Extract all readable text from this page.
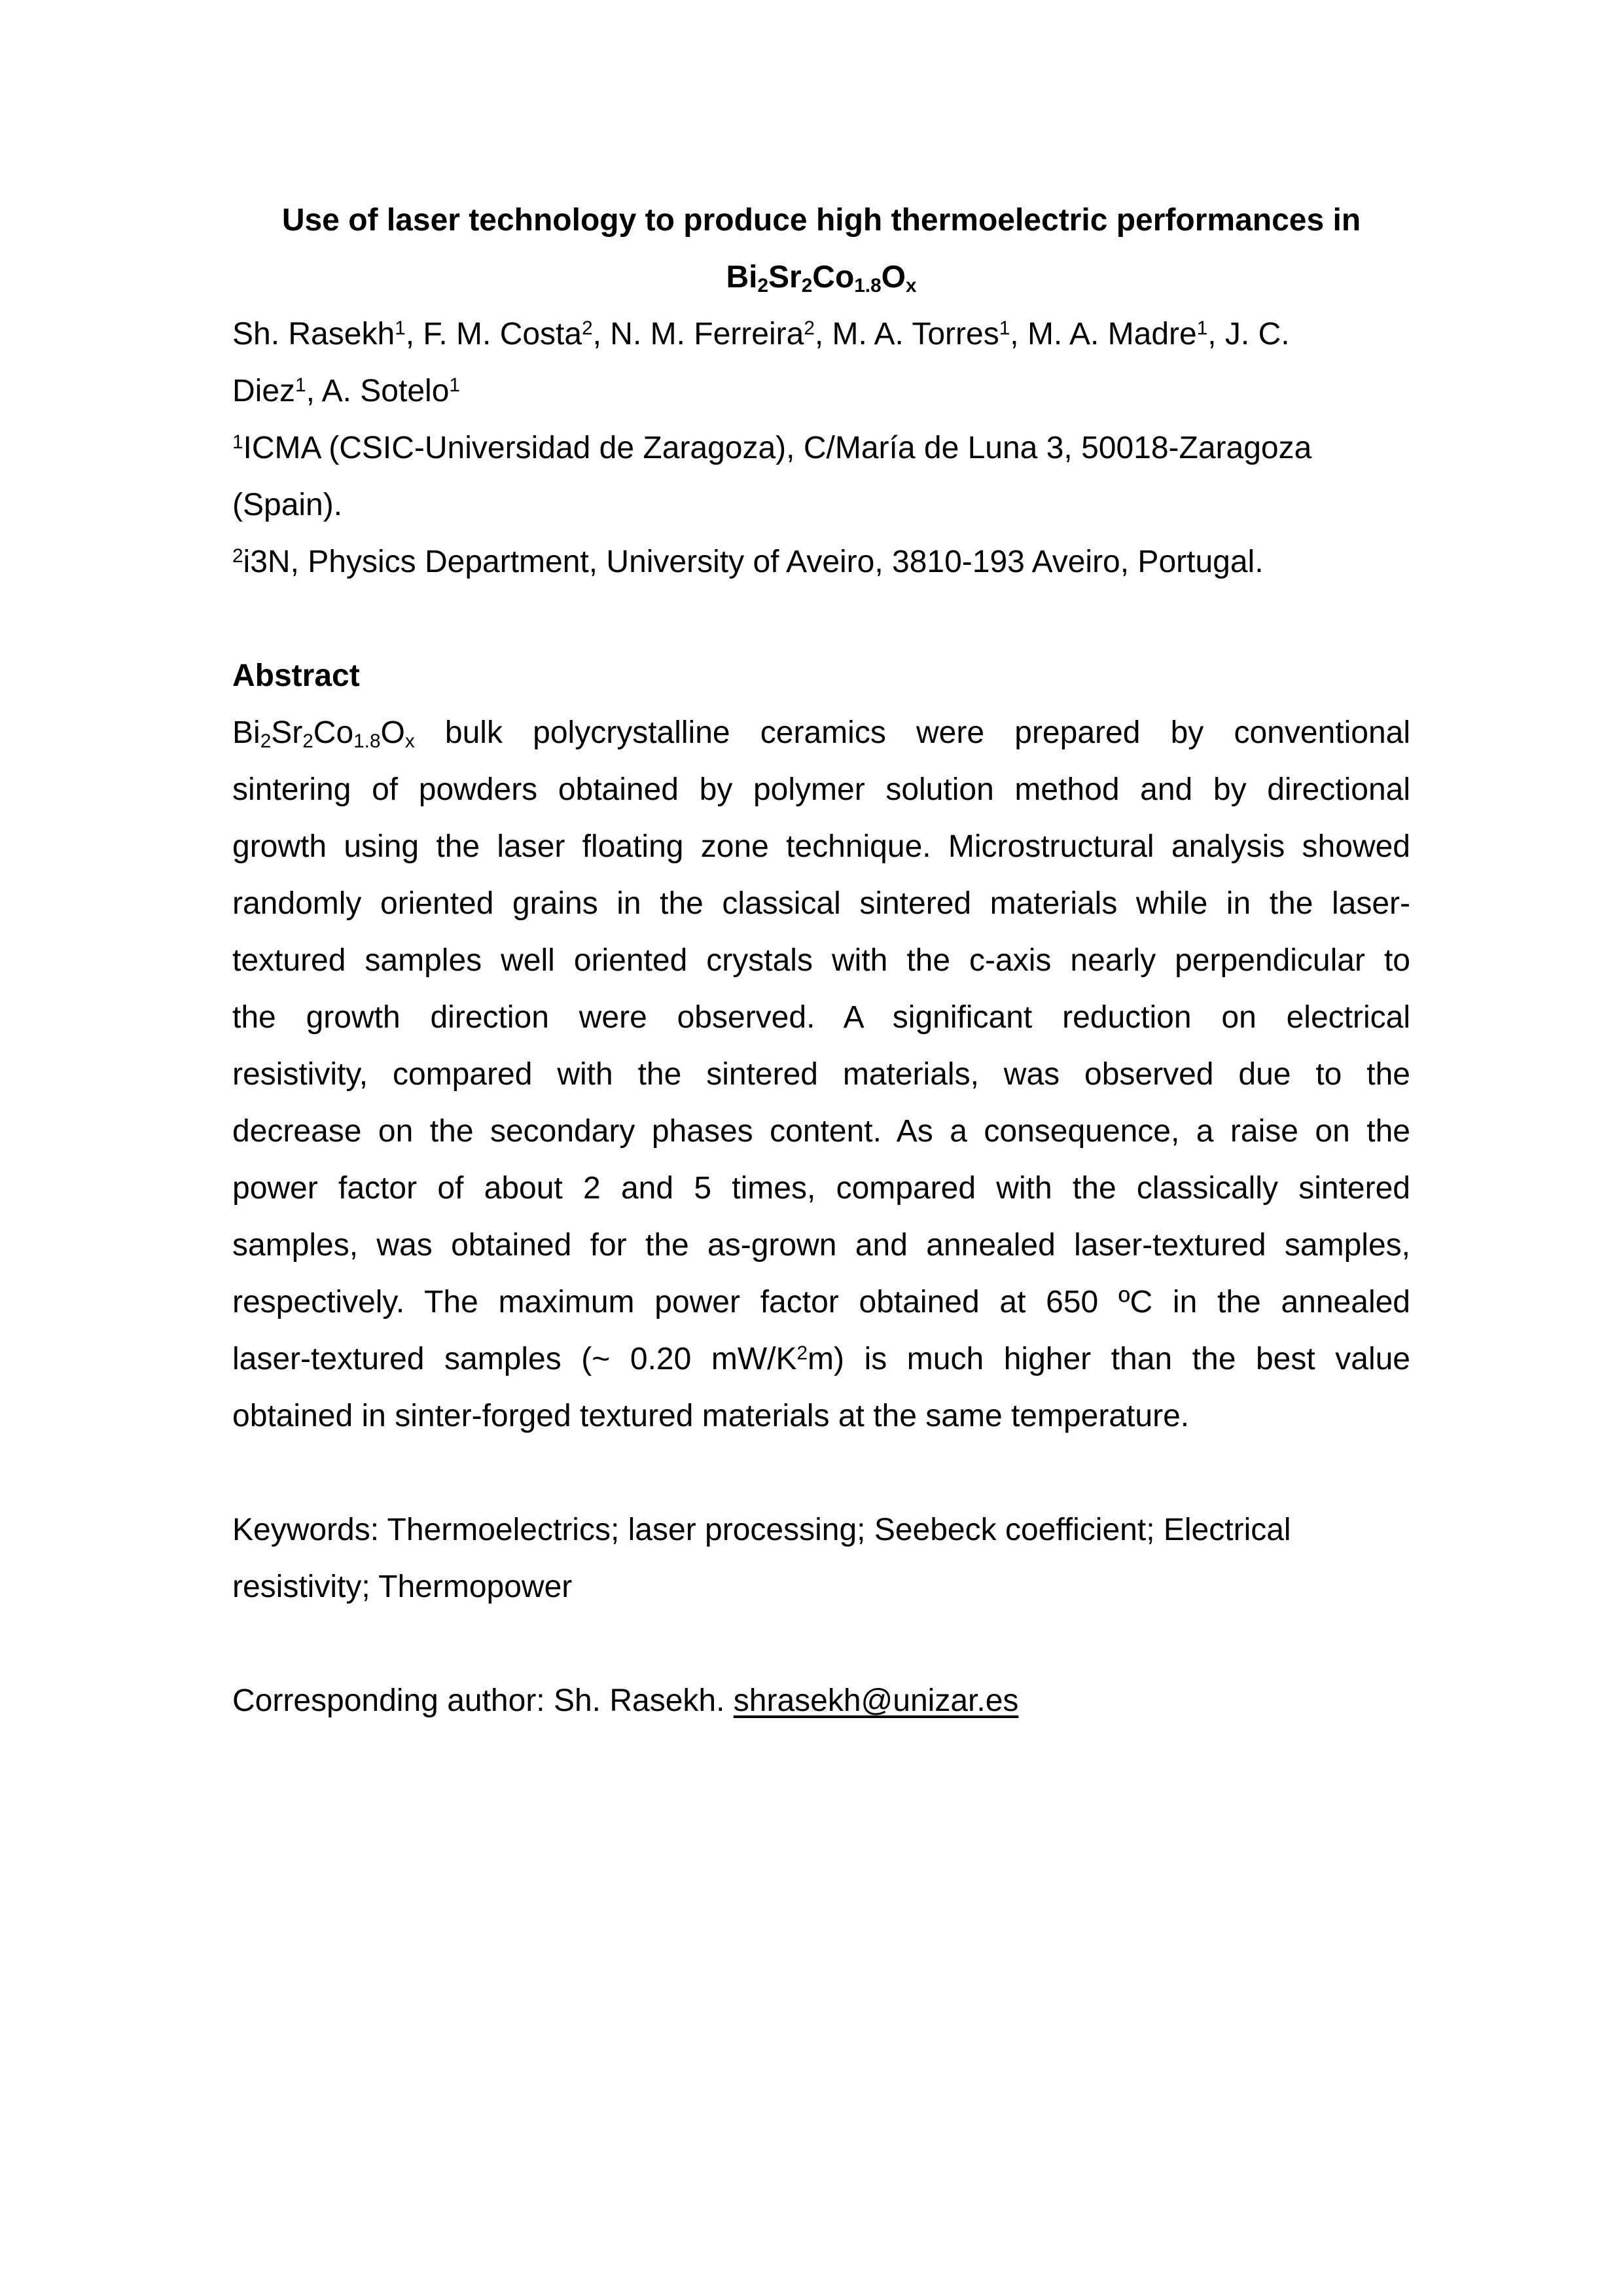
Use of laser technology to produce high thermoelectric performances in
$Bi_2Sr_2Co_{1.8}O_x$
Sh. Rasekh$^1$, F. M. Costa$^2$, N. M. Ferreira$^2$, M. A. Torres$^1$, M. A. Madre$^1$, J. C.
Diez$^1$, A. Sotelo$^1$
$^1$ICMA (CSIC-Universidad de Zaragoza), C/María de Luna 3, 50018-Zaragoza
(Spain).
$^2$i3N, Physics Department, University of Aveiro, 3810-193 Aveiro, Portugal.
Abstract
$Bi_2Sr_2Co_{1.8}O_x$ bulk polycrystalline ceramics were prepared by conventional
sintering of powders obtained by polymer solution method and by directional
growth using the laser floating zone technique. Microstructural analysis showed
randomly oriented grains in the classical sintered materials while in the laser-
textured samples well oriented crystals with the c-axis nearly perpendicular to
the growth direction were observed. A significant reduction on electrical
resistivity, compared with the sintered materials, was observed due to the
decrease on the secondary phases content. As a consequence, a raise on the
power factor of about 2 and 5 times, compared with the classically sintered
samples, was obtained for the as-grown and annealed laser-textured samples,
respectively. The maximum power factor obtained at 650 ºC in the annealed
laser-textured samples (~ 0.20 $mW/K^2m$) is much higher than the best value
obtained in sinter-forged textured materials at the same temperature.
Keywords: Thermoelectrics; laser processing; Seebeck coefficient; Electrical
resistivity; Thermopower
Corresponding author: Sh. Rasekh. shrasekh@unizar.es
